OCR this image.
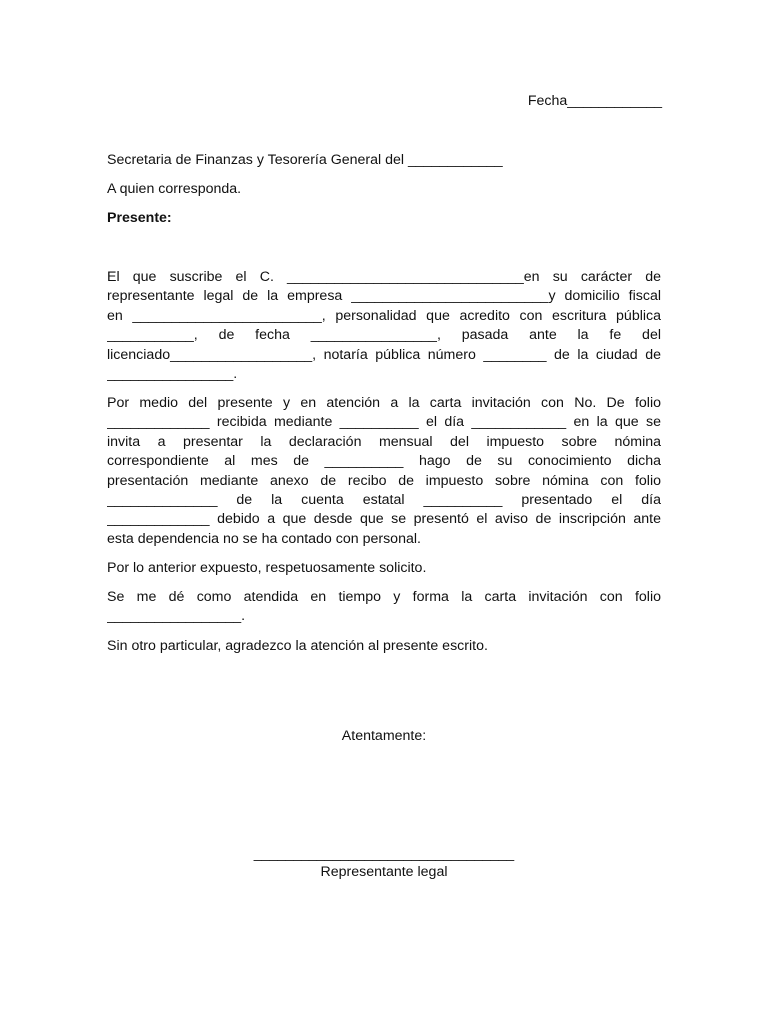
Fecha____________
Secretaria de Finanzas y Tesorería General del ____________
A quien corresponda.
Presente:
El que suscribe el C. ______________________________en su carácter de
representante legal de la empresa _________________________y domicilio fiscal
en ________________________, personalidad que acredito con escritura pública
___________, de fecha ________________, pasada ante la fe del
licenciado__________________, notaría pública número ________ de la ciudad de
________________.
Por medio del presente y en atención a la carta invitación con No. De folio
_____________ recibida mediante __________ el día ____________ en la que se
invita a presentar la declaración mensual del impuesto sobre nómina
correspondiente al mes de __________ hago de su conocimiento dicha
presentación mediante anexo de recibo de impuesto sobre nómina con folio
______________ de la cuenta estatal __________ presentado el día
_____________ debido a que desde que se presentó el aviso de inscripción ante
esta dependencia no se ha contado con personal.
Por lo anterior expuesto, respetuosamente solicito.
Se me dé como atendida en tiempo y forma la carta invitación con folio
_________________.
Sin otro particular, agradezco la atención al presente escrito.
Atentamente:
_________________________________
Representante legal
